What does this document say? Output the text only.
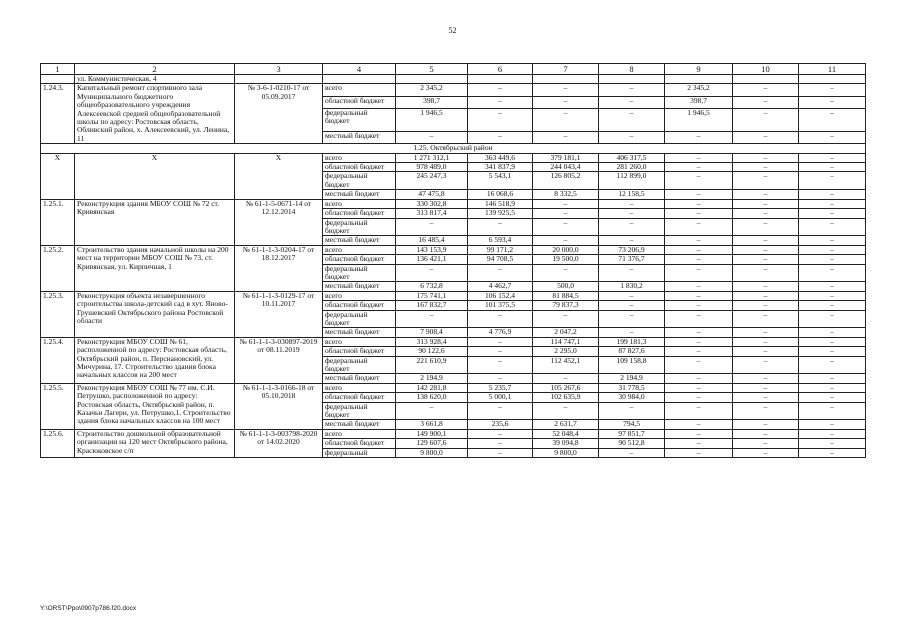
52
1	2	3	4	5	6	7	8	9	10	11
	ул. Коммунистическая, 4									
1.24.3.	Капитальный ремонт спортивного зала Муниципального бюджетного общеобразовательного учреждения Алексеевской средней общеобразовательной школы по адресу: Ростовская область, Обливский район, х. Алексеевский, ул. Ленина, 11	№ 3-6-1-0210-17 от 05.09.2017	всего	2 345,2	–	–	–	2 345,2	–	–
			областной бюджет	398,7	–	–	–	398,7	–	–
			федеральный бюджет	1 946,5	–	–	–	1 946,5	–	–
			местный бюджет	–	–	–	–	–	–	–
1.25. Октябрьский район										
Х	Х	Х	всего	1 271 312,1	363 449,6	379 181,1	406 317,5	–	–	–
			областной бюджет	978 489,0	341 837,9	244 043,4	281 260,0	–	–	–
			федеральный бюджет	245 247,3	5 543,1	126 805,2	112 899,0	–	–	–
			местный бюджет	47 475,8	16 068,6	8 332,5	12 158,5	–	–	–
1.25.1.	Реконструкция здания МБОУ СОШ № 72 ст. Кривянская	№ 61-1-5-0671-14 от 12.12.2014	всего	330 302,8	146 518,9	–	–	–	–	–
			областной бюджет	313 817,4	139 925,5	–	–	–	–	–
			федеральный бюджет	–	–	–	–	–	–	–
			местный бюджет	16 485,4	6 593,4	–	–	–	–	–
1.25.2.	Строительство здания начальной школы на 200 мест на территории МБОУ СОШ № 73, ст. Кривянская, ул. Кирпичная, 1	№ 61-1-1-3-0204-17 от 18.12.2017	всего	143 153,9	99 171,2	20 000,0	73 206,9	–	–	–
			областной бюджет	136 421,1	94 708,5	19 500,0	71 376,7	–	–	–
			федеральный бюджет	–	–	–	–	–	–	–
			местный бюджет	6 732,8	4 462,7	500,0	1 830,2	–	–	–
1.25.3.	Реконструкция объекта незавершенного строительства школа-детский сад в хут. Яново-Грушевский Октябрьского района Ростовской области	№ 61-1-1-3-0129-17 от 10.11.2017	всего	175 741,1	106 152,4	81 884,5	–	–	–	–
			областной бюджет	167 832,7	101 375,5	79 837,3	–	–	–	–
			федеральный бюджет	–	–	–	–	–	–	–
			местный бюджет	7 908,4	4 776,9	2 047,2	–	–	–	–
1.25.4.	Реконструкция МБОУ СОШ № 61, расположенной по адресу: Ростовская область, Октябрьский район, п. Персиановский, ул. Мичурина, 17. Строительство здания блока начальных классов на 200 мест	№ 61-1-1-3-030897-2019 от 08.11.2019	всего	313 928,4	–	114 747,1	199 181,3	–	–	–
			областной бюджет	90 122,6	–	2 295,0	87 827,6	–	–	–
			федеральный бюджет	221 610,9	–	112 452,1	109 158,8	–	–	–
			местный бюджет	2 194,9	–	–	2 194,9	–	–	–
1.25.5.	Реконструкция МБОУ СОШ № 77 им. С.И. Петрушко, расположенной по адресу: Ростовская область, Октябрьский район, п. Казачьи Лагери, ул. Петрушко,1. Строительство здания блока начальных классов на 100 мест	№ 61-1-1-3-0166-18 от 05.10.2018	всего	142 281,8	5 235,7	105 267,6	31 778,5	–	–	–
			областной бюджет	138 620,0	5 000,1	102 635,9	30 984,0	–	–	–
			федеральный бюджет	–	–	–	–	–	–	–
			местный бюджет	3 661,8	235,6	2 631,7	794,5	–	–	–
1.25.6.	Строительство дошкольной образовательной организации на 120 мест Октябрьского района, Красюковское с/п	№ 61-1-1-3-003798-2020 от 14.02.2020	всего	149 900,1	–	52 048,4	97 851,7	–	–	–
			областной бюджет	129 607,6	–	39 094,8	90 512,8	–	–	–
			федеральный	9 800,0	–	9 800,0	–	–	–	–
Y:\ORST\Ppo\0907p786.f20.docx
